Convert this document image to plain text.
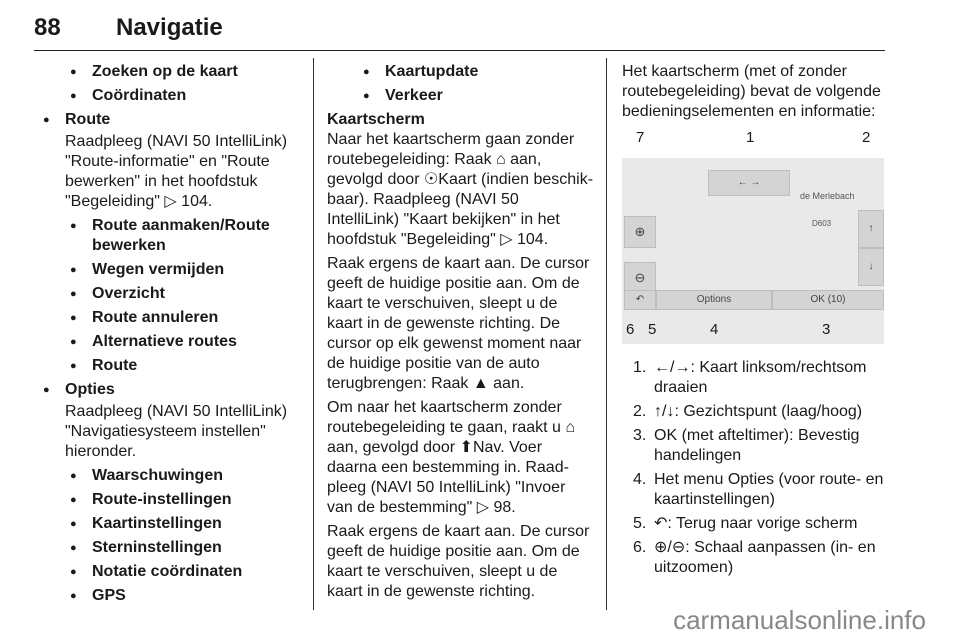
88 Navigatie
● Zoeken op de kaart
● Coördinaten
● Route
Raadpleeg (NAVI 50 IntelliLink) "Route-informatie" en "Route bewerken" in het hoofdstuk "Begeleiding" ▷ 104.
● Route aanmaken/Route bewerken
● Wegen vermijden
● Overzicht
● Route annuleren
● Alternatieve routes
● Route
● Opties
Raadpleeg (NAVI 50 IntelliLink) "Navigatiesysteem instellen" hieronder.
● Waarschuwingen
● Route-instellingen
● Kaartinstellingen
● Sterninstellingen
● Notatie coördinaten
● GPS
● Kaartupdate
● Verkeer
Kaartscherm
Naar het kaartscherm gaan zonder routebegeleiding: Raak ⌂ aan, gevolgd door ☉Kaart (indien beschik-baar). Raadpleeg (NAVI 50 IntelliLink) "Kaart bekijken" in het hoofdstuk "Begeleiding" ▷ 104.
Raak ergens de kaart aan. De cursor geeft de huidige positie aan. Om de kaart te verschuiven, sleept u de kaart in de gewenste richting. De cursor op elk gewenst moment naar de huidige positie van de auto terugbrengen: Raak ▲ aan.
Om naar het kaartscherm zonder routebegeleiding te gaan, raakt u ⌂ aan, gevolgd door ⬆Nav. Voer daarna een bestemming in. Raad-pleeg (NAVI 50 IntelliLink) "Invoer van de bestemming" ▷ 98.
Raak ergens de kaart aan. De cursor geeft de huidige positie aan. Om de kaart te verschuiven, sleept u de kaart in de gewenste richting.
Het kaartscherm (met of zonder routebegeleiding) bevat de volgende bedieningselementen en informatie:
7	1	2
de Merlebach
D603
← →
↑
↓
⊕
⊖
↶	Options	OK (10)
6 5	4	3
1. ←/→: Kaart linksom/rechtsom draaien
2. ↑/↓: Gezichtspunt (laag/hoog)
3. OK (met afteltimer): Bevestig handelingen
4. Het menu Opties (voor route- en kaartinstellingen)
5. ↶: Terug naar vorige scherm
6. ⊕/⊖: Schaal aanpassen (in- en uitzoomen)
carmanualsonline.info
